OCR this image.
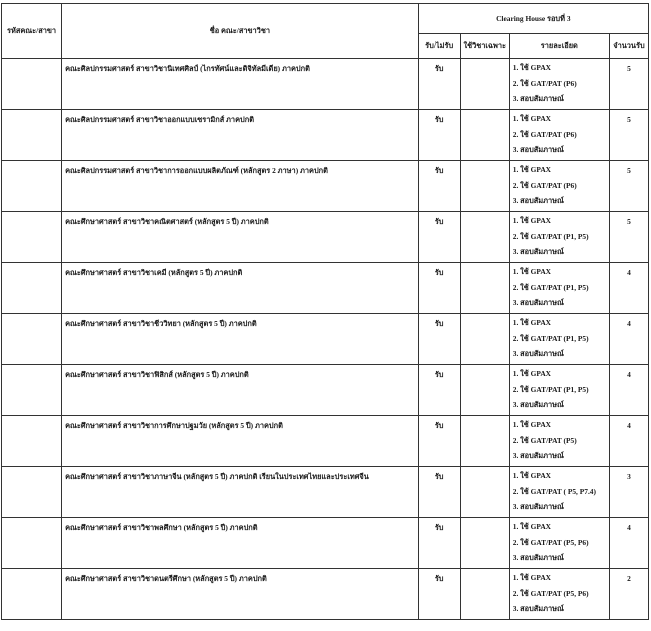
รหัสคณะ/สาขา	ชื่อ คณะ/สาขาวิชา	Clearing House รอบที่ 3			
		รับ/ไม่รับ	ใช้วิชาเฉพาะ	รายละเอียด	จำนวนรับ

	คณะศิลปกรรมศาสตร์ สาขาวิชานิเทศศิลป์ (ไกรทัศน์และดิจิทัลมีเดีย) ภาคปกติ	รับ		1. ใช้ GPAX
2. ใช้ GAT/PAT (P6)
3. สอบสัมภาษณ์	5

	คณะศิลปกรรมศาสตร์ สาขาวิชาออกแบบเซรามิกส์ ภาคปกติ	รับ		1. ใช้ GPAX
2. ใช้ GAT/PAT (P6)
3. สอบสัมภาษณ์	5

	คณะศิลปกรรมศาสตร์ สาขาวิชาการออกแบบผลิตภัณฑ์ (หลักสูตร 2 ภาษา) ภาคปกติ	รับ		1. ใช้ GPAX
2. ใช้ GAT/PAT (P6)
3. สอบสัมภาษณ์	5

	คณะศึกษาศาสตร์ สาขาวิชาคณิตศาสตร์ (หลักสูตร 5 ปี) ภาคปกติ	รับ		1. ใช้ GPAX
2. ใช้ GAT/PAT (P1, P5)
3. สอบสัมภาษณ์	5

	คณะศึกษาศาสตร์ สาขาวิชาเคมี (หลักสูตร 5 ปี) ภาคปกติ	รับ		1. ใช้ GPAX
2. ใช้ GAT/PAT (P1, P5)
3. สอบสัมภาษณ์	4

	คณะศึกษาศาสตร์ สาขาวิชาชีววิทยา (หลักสูตร 5 ปี) ภาคปกติ	รับ		1. ใช้ GPAX
2. ใช้ GAT/PAT (P1, P5)
3. สอบสัมภาษณ์	4

	คณะศึกษาศาสตร์ สาขาวิชาฟิสิกส์ (หลักสูตร 5 ปี) ภาคปกติ	รับ		1. ใช้ GPAX
2. ใช้ GAT/PAT (P1, P5)
3. สอบสัมภาษณ์	4

	คณะศึกษาศาสตร์ สาขาวิชาการศึกษาปฐมวัย (หลักสูตร 5 ปี) ภาคปกติ	รับ		1. ใช้ GPAX
2. ใช้ GAT/PAT (P5)
3. สอบสัมภาษณ์	4

	คณะศึกษาศาสตร์ สาขาวิชาภาษาจีน (หลักสูตร 5 ปี) ภาคปกติ เรียนในประเทศไทยและประเทศจีน	รับ		1. ใช้ GPAX
2. ใช้ GAT/PAT ( P5, P7.4)
3. สอบสัมภาษณ์	3

	คณะศึกษาศาสตร์ สาขาวิชาพลศึกษา (หลักสูตร 5 ปี) ภาคปกติ	รับ		1. ใช้ GPAX
2. ใช้ GAT/PAT (P5, P6)
3. สอบสัมภาษณ์	4

	คณะศึกษาศาสตร์ สาขาวิชาดนตรีศึกษา (หลักสูตร 5 ปี) ภาคปกติ	รับ		1. ใช้ GPAX
2. ใช้ GAT/PAT (P5, P6)
3. สอบสัมภาษณ์	2
